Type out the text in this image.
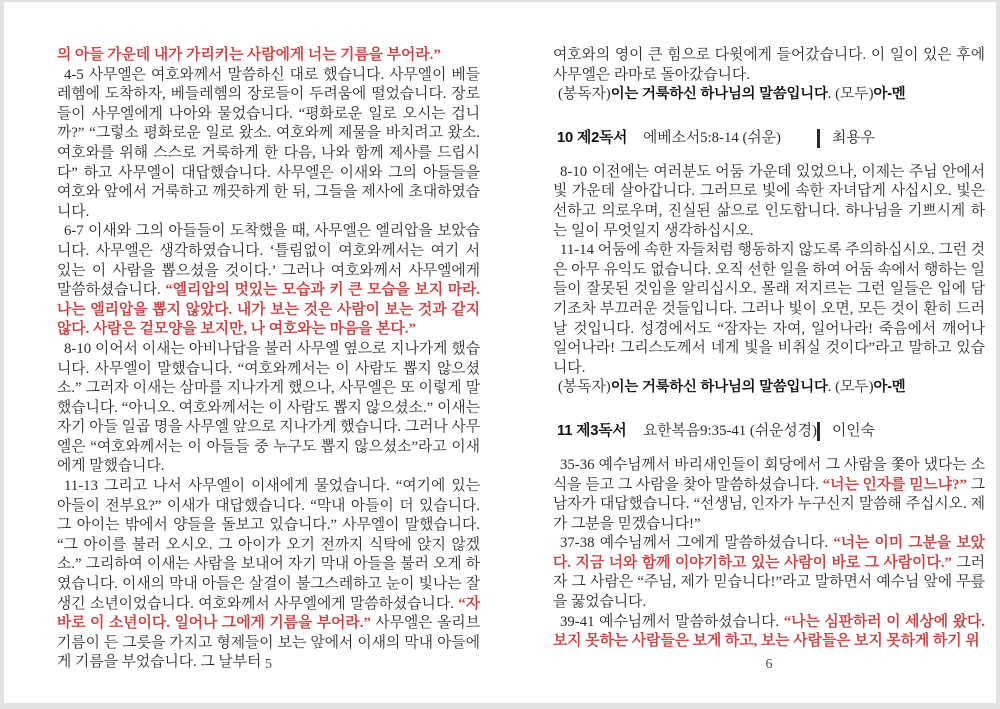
의 아들 가운데 내가 가리키는 사람에게 너는 기름을 부어라.”

4-5 사무엘은 여호와께서 말씀하신 대로 했습니다. 사무엘이 베들레헴에 도착하자, 베들레헴의 장로들이 두려움에 떨었습니다. 장로들이 사무엘에게 나아와 물었습니다. “평화로운 일로 오시는 겁니까?” “그렇소 평화로운 일로 왔소. 여호와께 제물을 바치려고 왔소. 여호와를 위해 스스로 거룩하게 한 다음, 나와 함께 제사를 드립시다” 하고 사무엘이 대답했습니다. 사무엘은 이새와 그의 아들들을 여호와 앞에서 거룩하고 깨끗하게 한 뒤, 그들을 제사에 초대하였습니다.

6-7 이새와 그의 아들들이 도착했을 때, 사무엘은 엘리압을 보았습니다. 사무엘은 생각하였습니다. ‘틀림없이 여호와께서는 여기 서 있는 이 사람을 뽑으셨을 것이다.’ 그러나 여호와께서 사무엘에게 말씀하셨습니다. “엘리압의 멋있는 모습과 키 큰 모습을 보지 마라. 나는 엘리압을 뽑지 않았다. 내가 보는 것은 사람이 보는 것과 같지 않다. 사람은 겉모양을 보지만, 나 여호와는 마음을 본다.”

8-10 이어서 이새는 아비나답을 불러 사무엘 옆으로 지나가게 했습니다. 사무엘이 말했습니다. “여호와께서는 이 사람도 뽑지 않으셨소.” 그러자 이새는 삼마를 지나가게 했으나, 사무엘은 또 이렇게 말했습니다. “아니오. 여호와께서는 이 사람도 뽑지 않으셨소.” 이새는 자기 아들 일곱 명을 사무엘 앞으로 지나가게 했습니다. 그러나 사무엘은 “여호와께서는 이 아들들 중 누구도 뽑지 않으셨소”라고 이새에게 말했습니다.

11-13 그리고 나서 사무엘이 이새에게 물었습니다. “여기에 있는 아들이 전부요?” 이새가 대답했습니다. “막내 아들이 더 있습니다. 그 아이는 밖에서 양들을 돌보고 있습니다.” 사무엘이 말했습니다. “그 아이를 불러 오시오. 그 아이가 오기 전까지 식탁에 앉지 않겠소.” 그리하여 이새는 사람을 보내어 자기 막내 아들을 불러 오게 하였습니다. 이새의 막내 아들은 살결이 불그스레하고 눈이 빛나는 잘생긴 소년이었습니다. 여호와께서 사무엘에게 말씀하셨습니다. “자 바로 이 소년이다. 일어나 그에게 기름을 부어라.” 사무엘은 올리브 기름이 든 그릇을 가지고 형제들이 보는 앞에서 이새의 막내 아들에게 기름을 부었습니다. 그 날부터

여호와의 영이 큰 힘으로 다윗에게 들어갔습니다. 이 일이 있은 후에 사무엘은 라마로 돌아갔습니다.

(봉독자)이는 거룩하신 하나님의 말씀입니다. (모두)아-멘

10 제2독서 에베소서5:8-14 (쉬운)	최용우

8-10 이전에는 여러분도 어둠 가운데 있었으나, 이제는 주님 안에서 빛 가운데 살아갑니다. 그러므로 빛에 속한 자녀답게 사십시오. 빛은 선하고 의로우며, 진실된 삶으로 인도합니다. 하나님을 기쁘시게 하는 일이 무엇일지 생각하십시오.

11-14 어둠에 속한 자들처럼 행동하지 않도록 주의하십시오. 그런 것은 아무 유익도 없습니다. 오직 선한 일을 하여 어둠 속에서 행하는 일들이 잘못된 것임을 알리십시오. 몰래 저지르는 그런 일들은 입에 담기조차 부끄러운 것들입니다. 그러나 빛이 오면, 모든 것이 환히 드러날 것입니다. 성경에서도 “잠자는 자여, 일어나라! 죽음에서 깨어나 일어나라! 그리스도께서 네게 빛을 비취실 것이다”라고 말하고 있습니다.

(봉독자)이는 거룩하신 하나님의 말씀입니다. (모두)아-멘

11 제3독서 요한복음9:35-41 (쉬운성경) 이인숙

35-36 예수님께서 바리새인들이 회당에서 그 사람을 쫓아 냈다는 소식을 듣고 그 사람을 찾아 말씀하셨습니다. “너는 인자를 믿느냐?” 그 남자가 대답했습니다. “선생님, 인자가 누구신지 말씀해 주십시오. 제가 그분을 믿겠습니다!”

37-38 예수님께서 그에게 말씀하셨습니다. “너는 이미 그분을 보았다. 지금 너와 함께 이야기하고 있는 사람이 바로 그 사람이다.” 그러자 그 사람은 “주님, 제가 믿습니다!”라고 말하면서 예수님 앞에 무릎을 꿇었습니다.

39-41 예수님께서 말씀하셨습니다. “나는 심판하러 이 세상에 왔다. 보지 못하는 사람들은 보게 하고, 보는 사람들은 보지 못하게 하기 위

5	6
